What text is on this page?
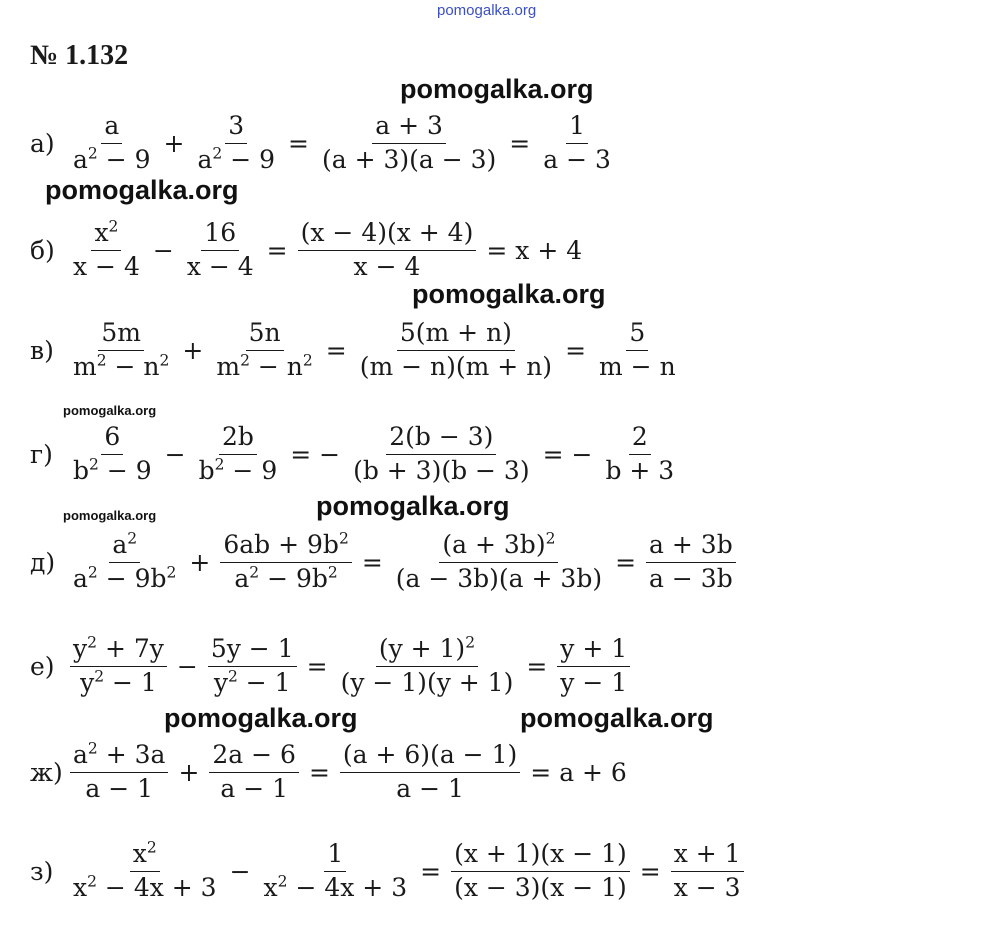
pomogalka.org
№ 1.132
pomogalka.org
pomogalka.org
pomogalka.org
pomogalka.org
pomogalka.org
pomogalka.org
pomogalka.org	pomogalka.org
$а) \frac{a}{a^2 - 9} + \frac{3}{a^2 - 9} = \frac{a + 3}{(a + 3)(a - 3)} = \frac{1}{a - 3}$
$б) \frac{x^2}{x - 4} - \frac{16}{x - 4} = \frac{(x - 4)(x + 4)}{x - 4} = x + 4$
$в) \frac{5m}{m^2 - n^2} + \frac{5n}{m^2 - n^2} = \frac{5(m + n)}{(m - n)(m + n)} = \frac{5}{m - n}$
$г) \frac{6}{b^2 - 9} - \frac{2b}{b^2 - 9}$ = − $\frac{2(b - 3)}{(b + 3)(b - 3)}$ = − $\frac{2}{b + 3}$
$д) \frac{a^2}{a^2 - 9b^2} + \frac{6ab + 9b^2}{a^2 - 9b^2} = \frac{(a + 3b)^2}{(a - 3b)(a + 3b)} = \frac{a + 3b}{a - 3b}$
$е) \frac{y^2 + 7y}{y^2 - 1} - \frac{5y - 1}{y^2 - 1} = \frac{(y + 1)^2}{(y - 1)(y + 1)} = \frac{y + 1}{y - 1}$
$ж) \frac{a^2 + 3a}{a - 1} + \frac{2a - 6}{a - 1} = \frac{(a + 6)(a - 1)}{a - 1} = a + 6$
$з) \frac{x^2}{x^2 - 4x + 3} - \frac{1}{x^2 - 4x + 3} = \frac{(x + 1)(x - 1)}{(x - 3)(x - 1)} = \frac{x + 1}{x - 3}$
